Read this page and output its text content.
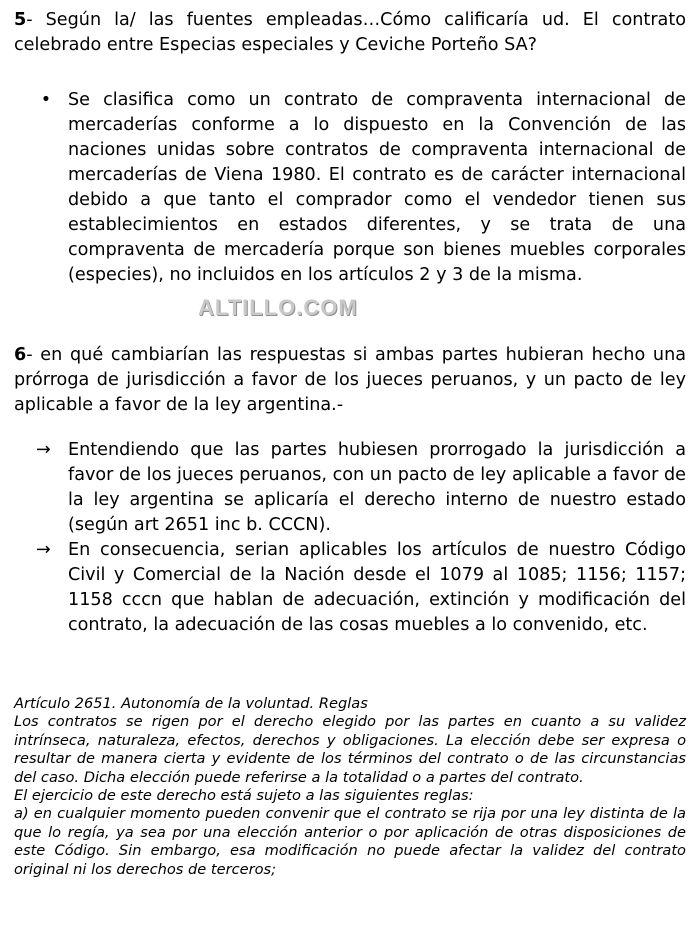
5- Según la/ las fuentes empleadas…Cómo calificaría ud. El contrato celebrado entre Especias especiales y Ceviche Porteño SA?

• Se clasifica como un contrato de compraventa internacional de mercaderías conforme a lo dispuesto en la Convención de las naciones unidas sobre contratos de compraventa internacional de mercaderías de Viena 1980. El contrato es de carácter internacional debido a que tanto el comprador como el vendedor tienen sus establecimientos en estados diferentes, y se trata de una compraventa de mercadería porque son bienes muebles corporales (especies), no incluidos en los artículos 2 y 3 de la misma.
ALTILLO.COM

6- en qué cambiarían las respuestas si ambas partes hubieran hecho una prórroga de jurisdicción a favor de los jueces peruanos, y un pacto de ley aplicable a favor de la ley argentina.-

→ Entendiendo que las partes hubiesen prorrogado la jurisdicción a favor de los jueces peruanos, con un pacto de ley aplicable a favor de la ley argentina se aplicaría el derecho interno de nuestro estado (según art 2651 inc b. CCCN).
→ En consecuencia, serian aplicables los artículos de nuestro Código Civil y Comercial de la Nación desde el 1079 al 1085; 1156; 1157; 1158 cccn que hablan de adecuación, extinción y modificación del contrato, la adecuación de las cosas muebles a lo convenido, etc.

Artículo 2651. Autonomía de la voluntad. Reglas

Los contratos se rigen por el derecho elegido por las partes en cuanto a su validez intrínseca, naturaleza, efectos, derechos y obligaciones. La elección debe ser expresa o resultar de manera cierta y evidente de los términos del contrato o de las circunstancias del caso. Dicha elección puede referirse a la totalidad o a partes del contrato.

El ejercicio de este derecho está sujeto a las siguientes reglas:

a) en cualquier momento pueden convenir que el contrato se rija por una ley distinta de la que lo regía, ya sea por una elección anterior o por aplicación de otras disposiciones de este Código. Sin embargo, esa modificación no puede afectar la validez del contrato original ni los derechos de terceros;
